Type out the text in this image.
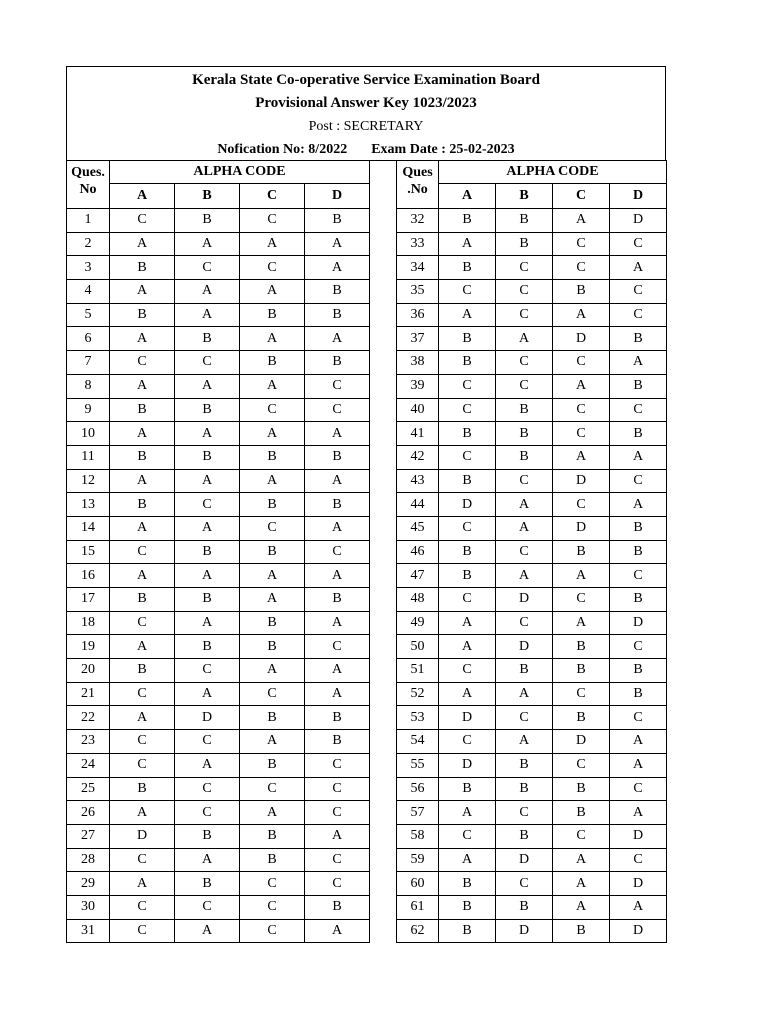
Kerala State Co-operative Service Examination Board
Provisional Answer Key 1023/2023
Post : SECRETARY
Nofication No: 8/2022 Exam Date : 25-02-2023
Ques.
No	ALPHA CODE			
	A	B	C	D
1	C	B	C	B
2	A	A	A	A
3	B	C	C	A
4	A	A	A	B
5	B	A	B	B
6	A	B	A	A
7	C	C	B	B
8	A	A	A	C
9	B	B	C	C
10	A	A	A	A
11	B	B	B	B
12	A	A	A	A
13	B	C	B	B
14	A	A	C	A
15	C	B	B	C
16	A	A	A	A
17	B	B	A	B
18	C	A	B	A
19	A	B	B	C
20	B	C	A	A
21	C	A	C	A
22	A	D	B	B
23	C	C	A	B
24	C	A	B	C
25	B	C	C	C
26	A	C	A	C
27	D	B	B	A
28	C	A	B	C
29	A	B	C	C
30	C	C	C	B
31	C	A	C	A
Ques
.No	ALPHA CODE			
	A	B	C	D
32	B	B	A	D
33	A	B	C	C
34	B	C	C	A
35	C	C	B	C
36	A	C	A	C
37	B	A	D	B
38	B	C	C	A
39	C	C	A	B
40	C	B	C	C
41	B	B	C	B
42	C	B	A	A
43	B	C	D	C
44	D	A	C	A
45	C	A	D	B
46	B	C	B	B
47	B	A	A	C
48	C	D	C	B
49	A	C	A	D
50	A	D	B	C
51	C	B	B	B
52	A	A	C	B
53	D	C	B	C
54	C	A	D	A
55	D	B	C	A
56	B	B	B	C
57	A	C	B	A
58	C	B	C	D
59	A	D	A	C
60	B	C	A	D
61	B	B	A	A
62	B	D	B	D
